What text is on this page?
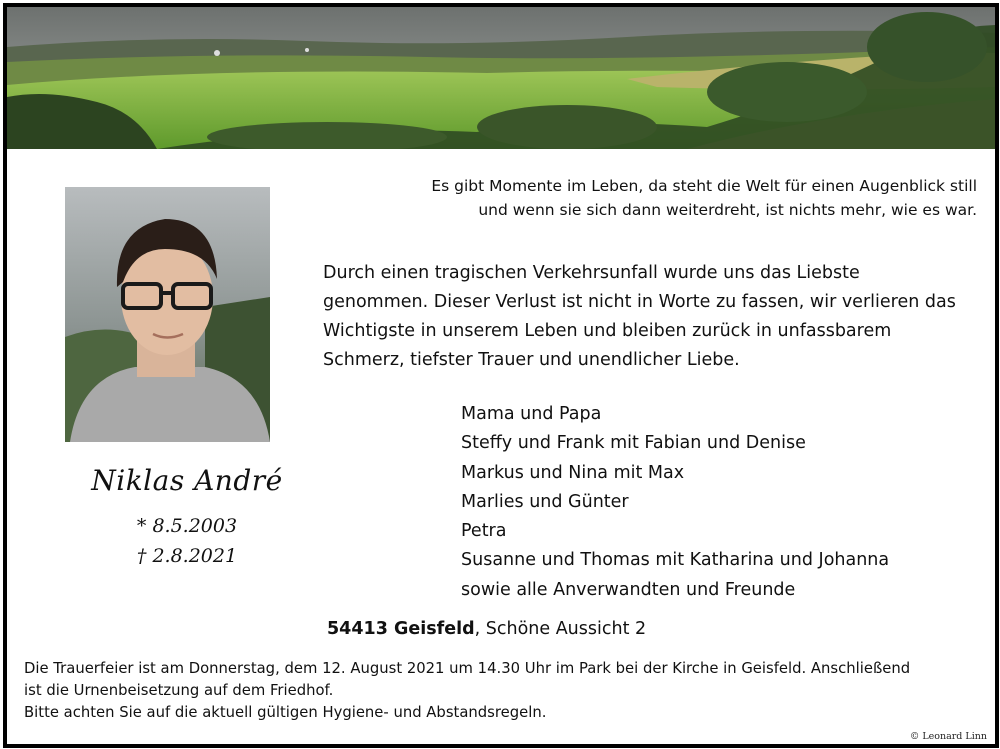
Es gibt Momente im Leben, da steht die Welt für einen Augenblick still
und wenn sie sich dann weiterdreht, ist nichts mehr, wie es war.
Niklas André
* 8.5.2003
† 2.8.2021
Durch einen tragischen Verkehrsunfall wurde uns das Liebste
genommen. Dieser Verlust ist nicht in Worte zu fassen, wir verlieren das
Wichtigste in unserem Leben und bleiben zurück in unfassbarem
Schmerz, tiefster Trauer und unendlicher Liebe.
Mama und Papa
Steffy und Frank mit Fabian und Denise
Markus und Nina mit Max
Marlies und Günter
Petra
Susanne und Thomas mit Katharina und Johanna
sowie alle Anverwandten und Freunde
54413 Geisfeld, Schöne Aussicht 2
Die Trauerfeier ist am Donnerstag, dem 12. August 2021 um 14.30 Uhr im Park bei der Kirche in Geisfeld. Anschließend
ist die Urnenbeisetzung auf dem Friedhof.
Bitte achten Sie auf die aktuell gültigen Hygiene- und Abstandsregeln.
© Leonard Linn
